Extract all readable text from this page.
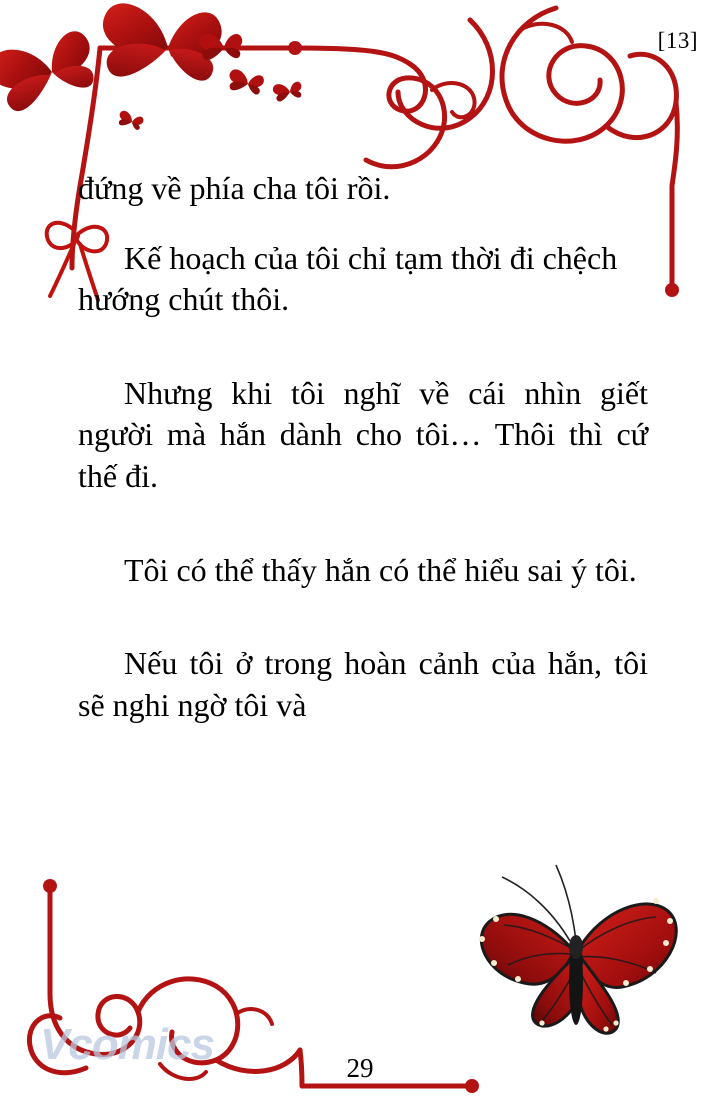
[13]

đứng về phía cha tôi rồi.

Kế hoạch của tôi chỉ tạm thời đi chệch hướng chút thôi.

Nhưng khi tôi nghĩ về cái nhìn giết người mà hắn dành cho tôi… Thôi thì cứ thế đi.

Tôi có thể thấy hắn có thể hiểu sai ý tôi.

Nếu tôi ở trong hoàn cảnh của hắn, tôi sẽ nghi ngờ tôi và

Vcomics	29
